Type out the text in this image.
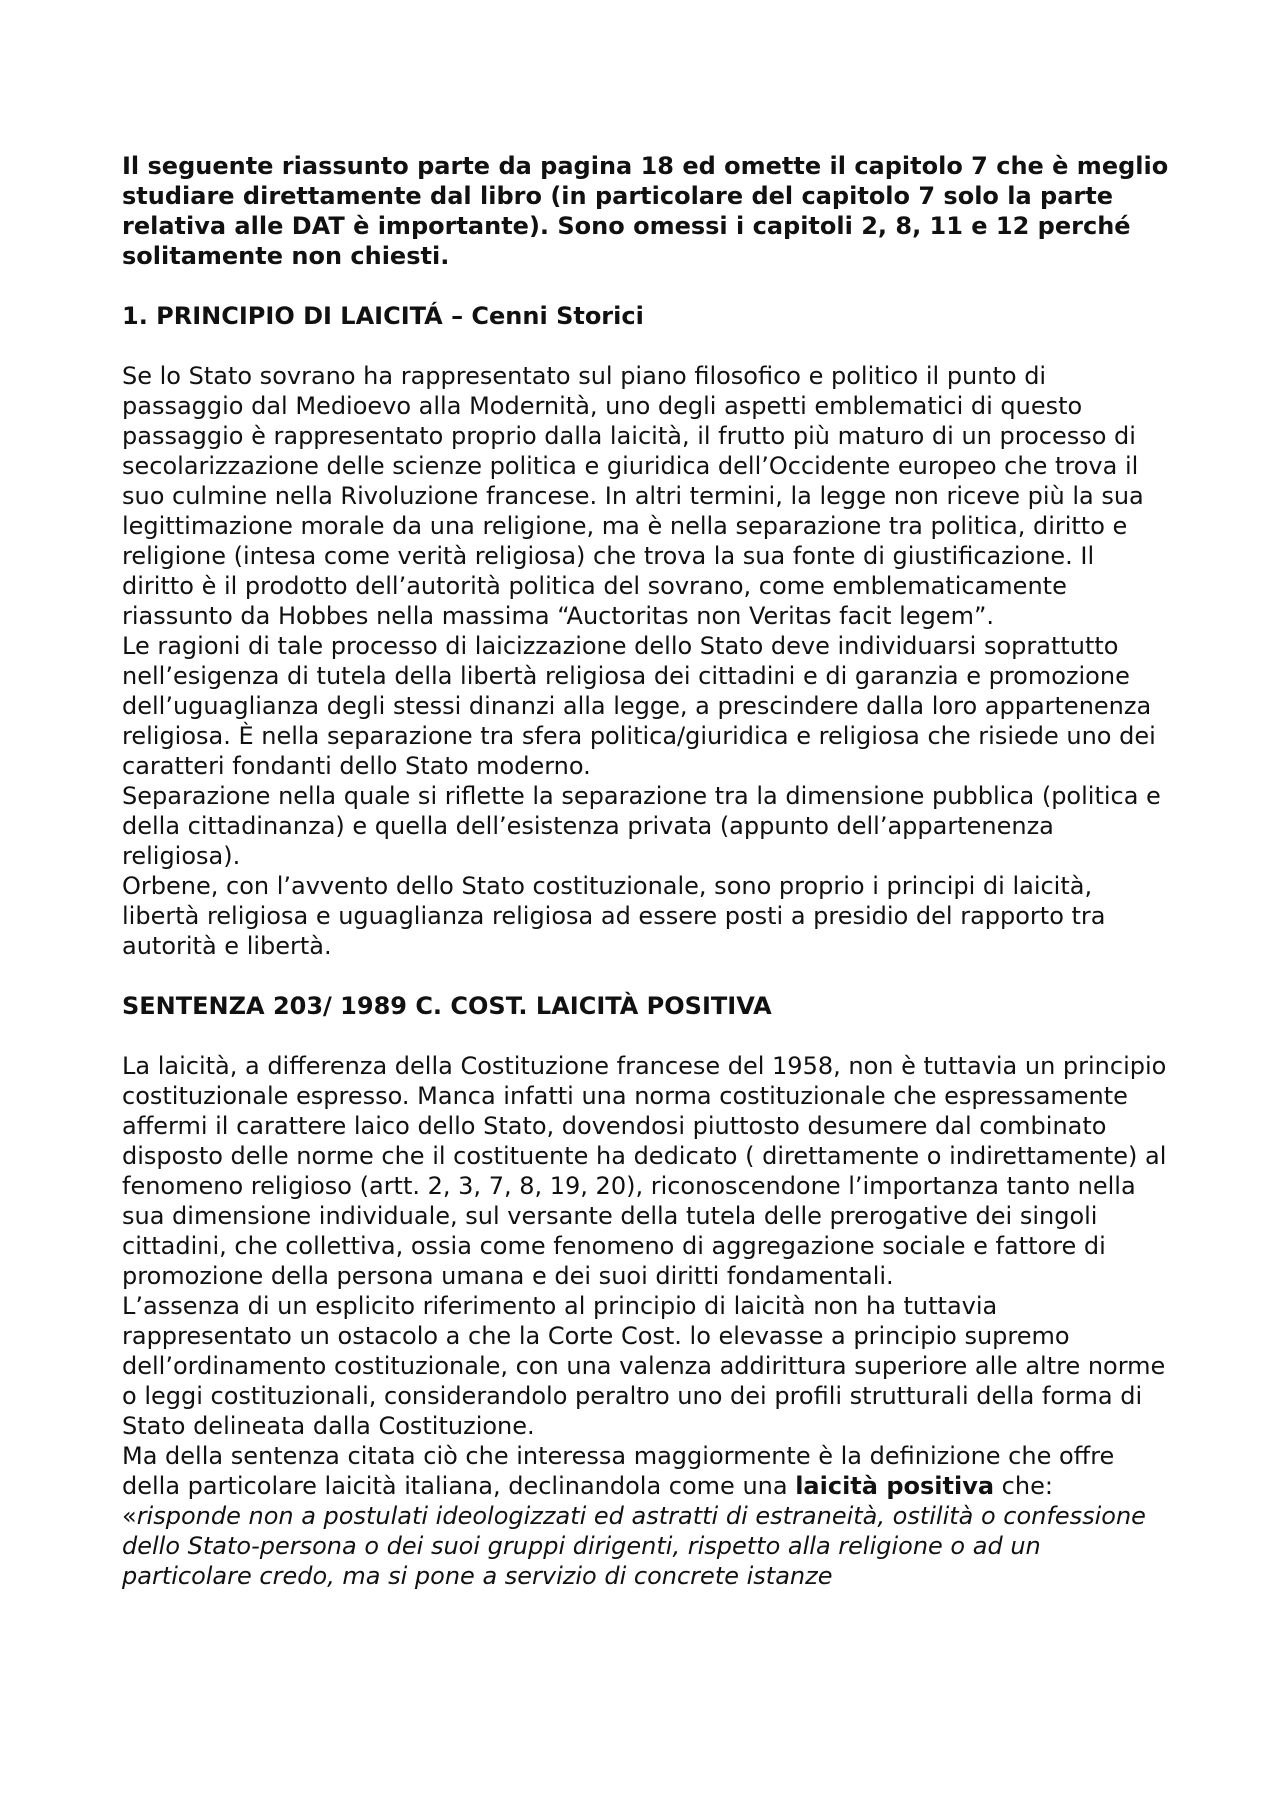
Il seguente riassunto parte da pagina 18 ed omette il capitolo 7 che è meglio studiare direttamente dal libro (in particolare del capitolo 7 solo la parte relativa alle DAT è importante). Sono omessi i capitoli 2, 8, 11 e 12 perché solitamente non chiesti.

1. PRINCIPIO DI LAICITÁ – Cenni Storici

Se lo Stato sovrano ha rappresentato sul piano filosofico e politico il punto di passaggio dal Medioevo alla Modernità, uno degli aspetti emblematici di questo passaggio è rappresentato proprio dalla laicità, il frutto più maturo di un processo di secolarizzazione delle scienze politica e giuridica dell’Occidente europeo che trova il suo culmine nella Rivoluzione francese. In altri termini, la legge non riceve più la sua legittimazione morale da una religione, ma è nella separazione tra politica, diritto e religione (intesa come verità religiosa) che trova la sua fonte di giustificazione. Il diritto è il prodotto dell’autorità politica del sovrano, come emblematicamente riassunto da Hobbes nella massima “Auctoritas non Veritas facit legem”.

Le ragioni di tale processo di laicizzazione dello Stato deve individuarsi soprattutto nell’esigenza di tutela della libertà religiosa dei cittadini e di garanzia e promozione dell’uguaglianza degli stessi dinanzi alla legge, a prescindere dalla loro appartenenza religiosa. È nella separazione tra sfera politica/giuridica e religiosa che risiede uno dei caratteri fondanti dello Stato moderno.

Separazione nella quale si riflette la separazione tra la dimensione pubblica (politica e della cittadinanza) e quella dell’esistenza privata (appunto dell’appartenenza religiosa).

Orbene, con l’avvento dello Stato costituzionale, sono proprio i principi di laicità, libertà religiosa e uguaglianza religiosa ad essere posti a presidio del rapporto tra autorità e libertà.

SENTENZA 203/ 1989 C. COST. LAICITÀ POSITIVA

La laicità, a differenza della Costituzione francese del 1958, non è tuttavia un principio costituzionale espresso. Manca infatti una norma costituzionale che espressamente affermi il carattere laico dello Stato, dovendosi piuttosto desumere dal combinato disposto delle norme che il costituente ha dedicato ( direttamente o indirettamente) al fenomeno religioso (artt. 2, 3, 7, 8, 19, 20), riconoscendone l’importanza tanto nella sua dimensione individuale, sul versante della tutela delle prerogative dei singoli cittadini, che collettiva, ossia come fenomeno di aggregazione sociale e fattore di promozione della persona umana e dei suoi diritti fondamentali.

L’assenza di un esplicito riferimento al principio di laicità non ha tuttavia rappresentato un ostacolo a che la Corte Cost. lo elevasse a principio supremo dell’ordinamento costituzionale, con una valenza addirittura superiore alle altre norme o leggi costituzionali, considerandolo peraltro uno dei profili strutturali della forma di Stato delineata dalla Costituzione.

Ma della sentenza citata ciò che interessa maggiormente è la definizione che offre della particolare laicità italiana, declinandola come una laicità positiva che: «risponde non a postulati ideologizzati ed astratti di estraneità, ostilità o confessione dello Stato-persona o dei suoi gruppi dirigenti, rispetto alla religione o ad un particolare credo, ma si pone a servizio di concrete istanze
